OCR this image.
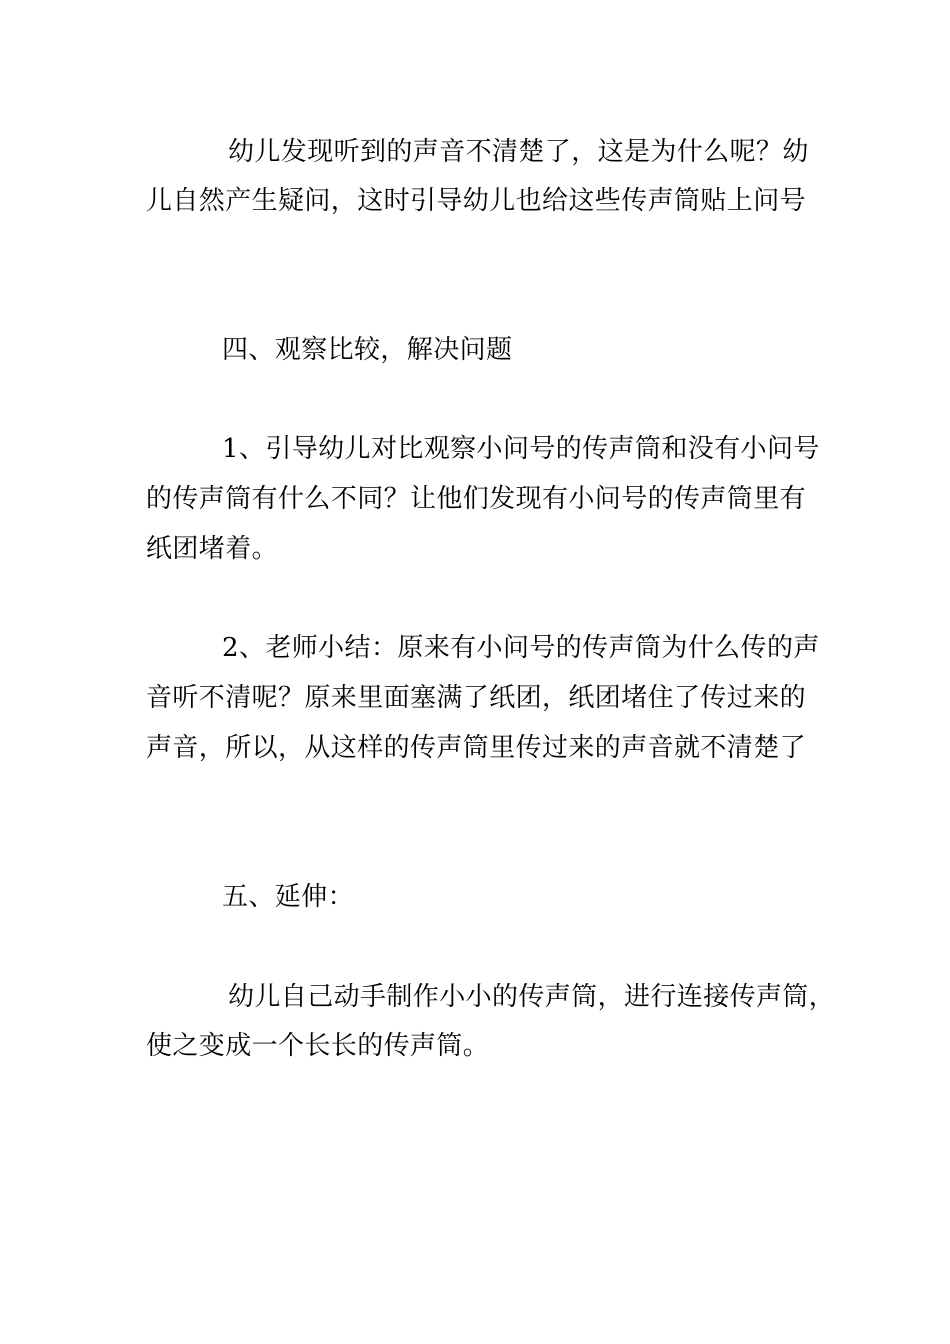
幼儿发现听到的声音不清楚了，这是为什么呢？幼
儿自然产生疑问，这时引导幼儿也给这些传声筒贴上问号
四、观察比较，解决问题
1、引导幼儿对比观察小问号的传声筒和没有小问号
的传声筒有什么不同？让他们发现有小问号的传声筒里有
纸团堵着。
2、老师小结：原来有小问号的传声筒为什么传的声
音听不清呢？原来里面塞满了纸团，纸团堵住了传过来的
声音，所以，从这样的传声筒里传过来的声音就不清楚了
五、延伸：
幼儿自己动手制作小小的传声筒，进行连接传声筒，
使之变成一个长长的传声筒。
